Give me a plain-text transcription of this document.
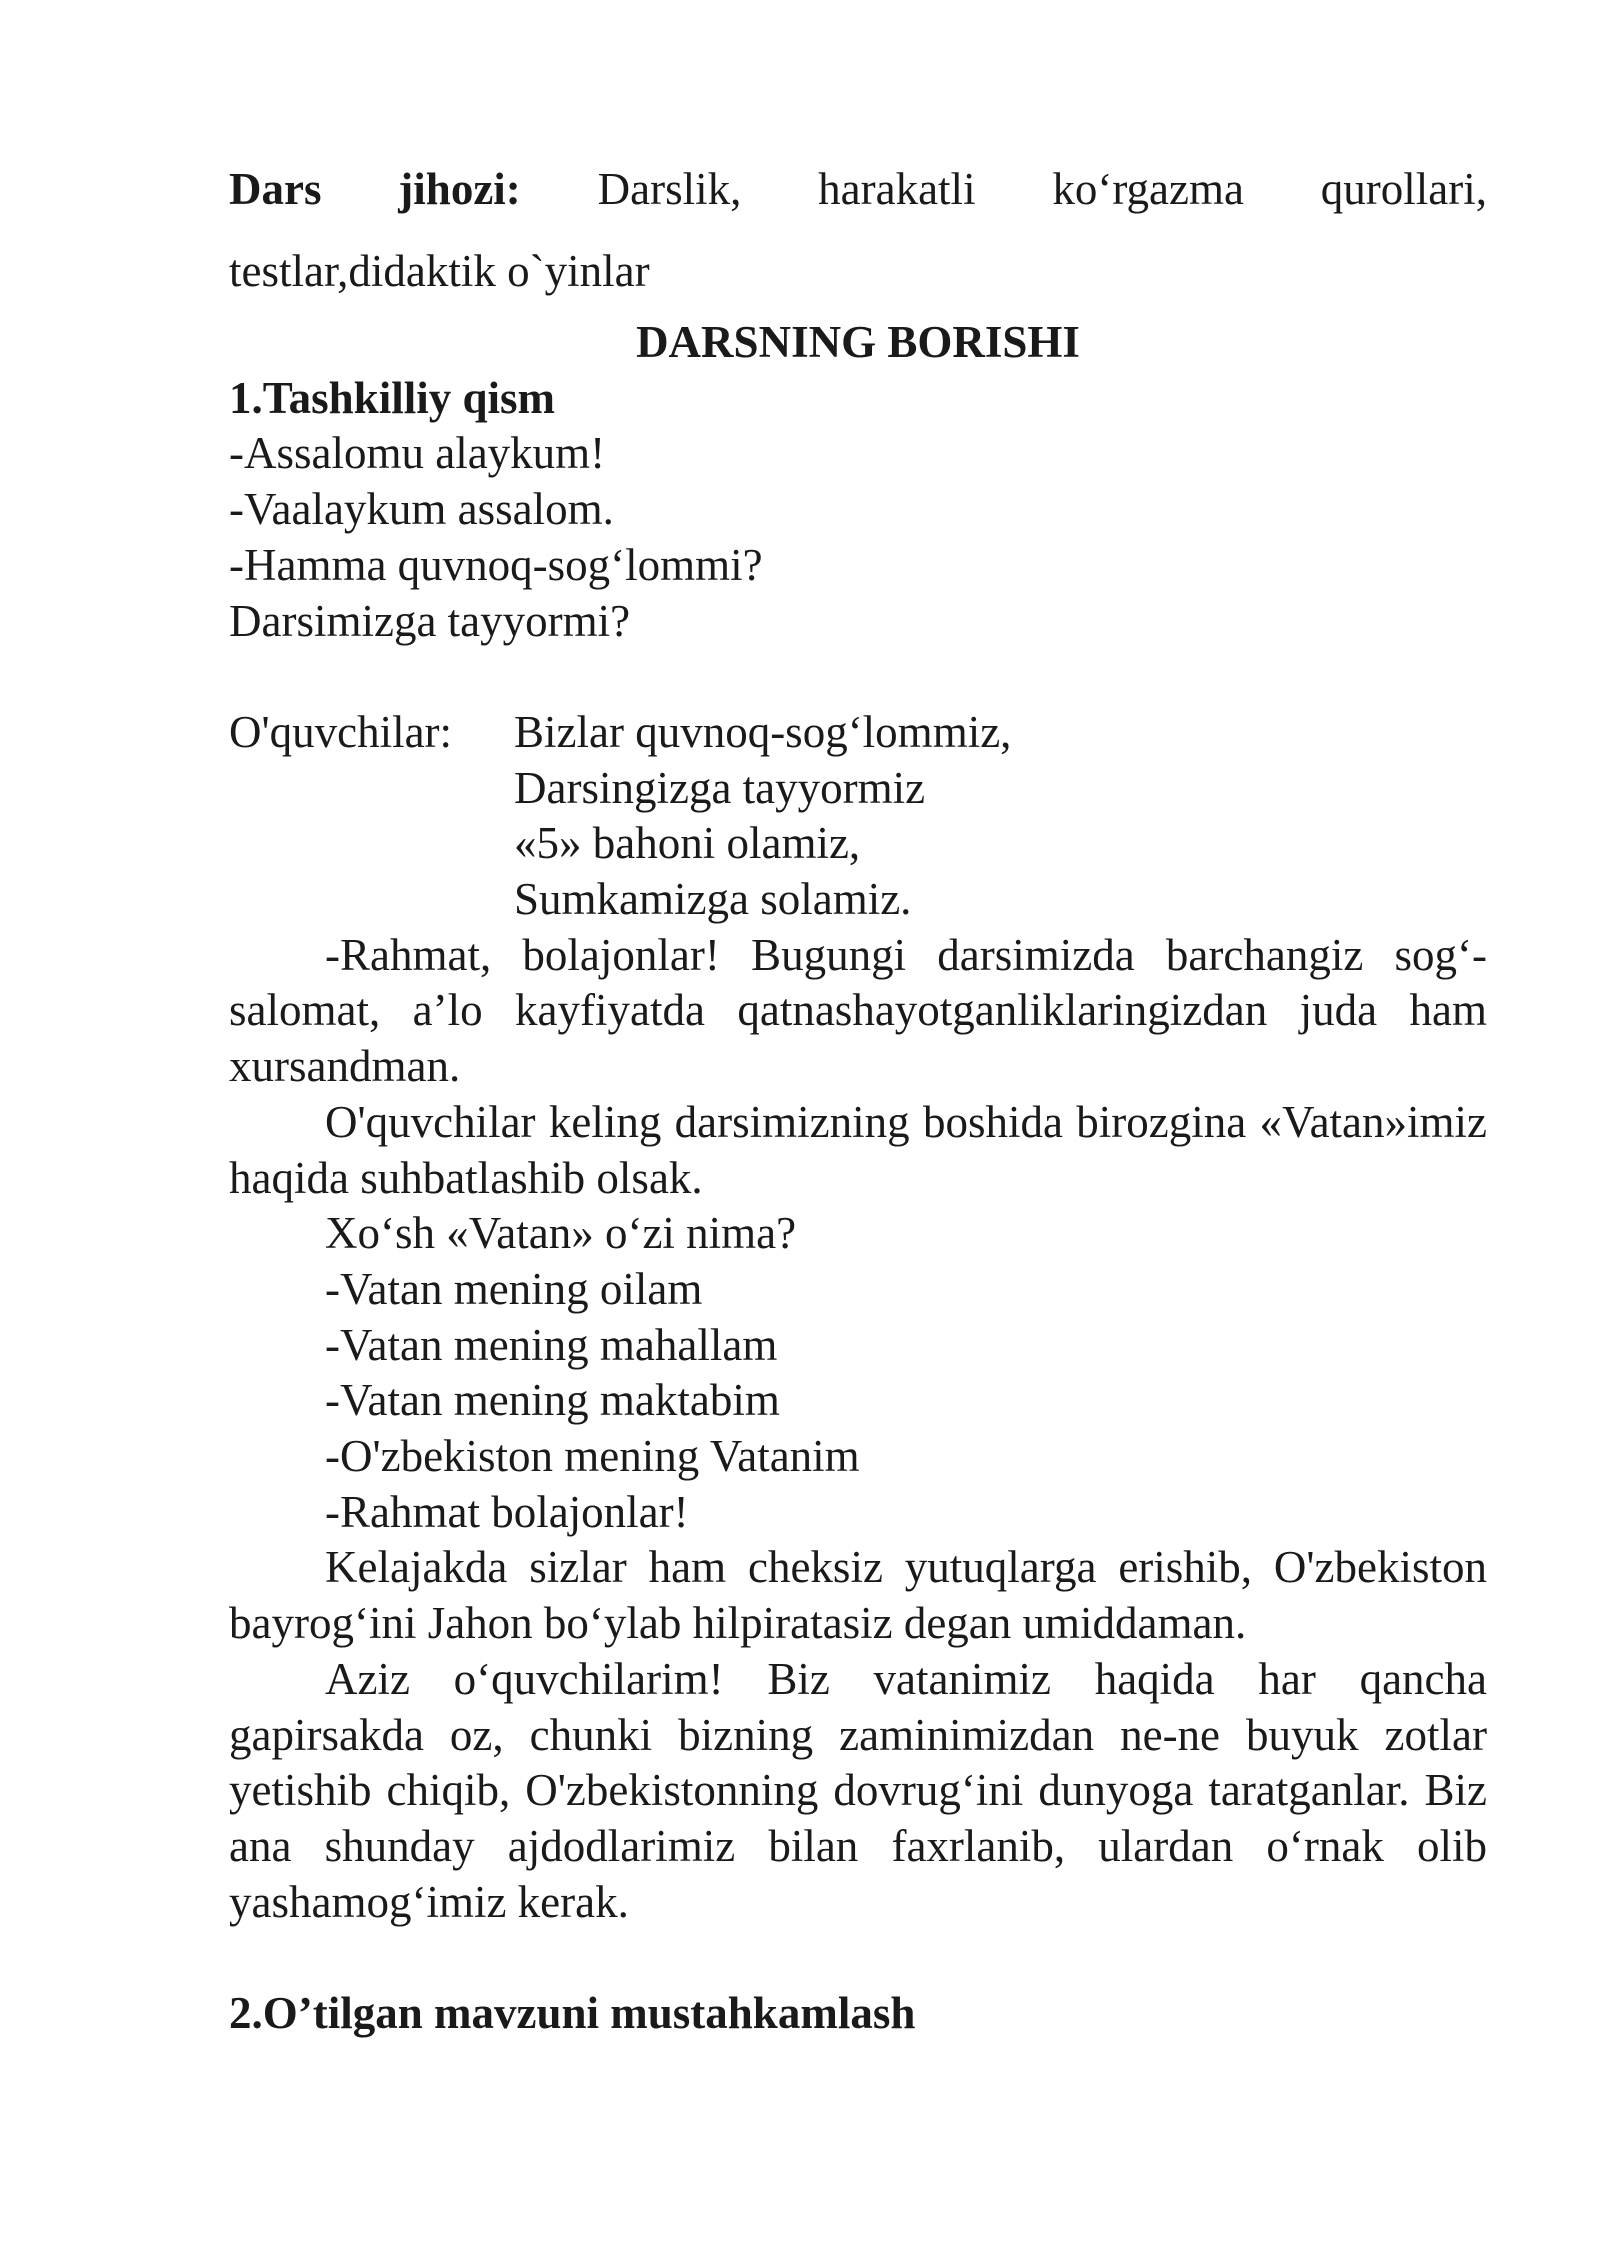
Dars jihozi: Darslik, harakatli ko‘rgazma qurollari,
testlar,didaktik o`yinlar
DARSNING BORISHI
1.Tashkilliy qism
-Assalomu alaykum!
-Vaalaykum assalom.
-Hamma quvnoq-sog‘lommi?
Darsimizga tayyormi?
O'quvchilar:	Bizlar quvnoq-sog‘lommiz,
Darsingizga tayyormiz
«5» bahoni olamiz,
Sumkamizga solamiz.

-Rahmat, bolajonlar! Bugungi darsimizda barchangiz sog‘-salomat, a’lo kayfiyatda qatnashayotganliklaringizdan juda ham xursandman.

O'quvchilar keling darsimizning boshida birozgina «Vatan»imiz haqida suhbatlashib olsak.

Xo‘sh «Vatan» o‘zi nima?
-Vatan mening oilam
-Vatan mening mahallam
-Vatan mening maktabim
-O'zbekiston mening Vatanim
-Rahmat bolajonlar!

Kelajakda sizlar ham cheksiz yutuqlarga erishib, O'zbekiston bayrog‘ini Jahon bo‘ylab hilpiratasiz degan umiddaman.

Aziz o‘quvchilarim! Biz vatanimiz haqida har qancha gapirsakda oz, chunki bizning zaminimizdan ne-ne buyuk zotlar yetishib chiqib, O'zbekistonning dovrug‘ini dunyoga taratganlar. Biz ana shunday ajdodlarimiz bilan faxrlanib, ulardan o‘rnak olib yashamog‘imiz kerak.

2.O’tilgan mavzuni mustahkamlash
